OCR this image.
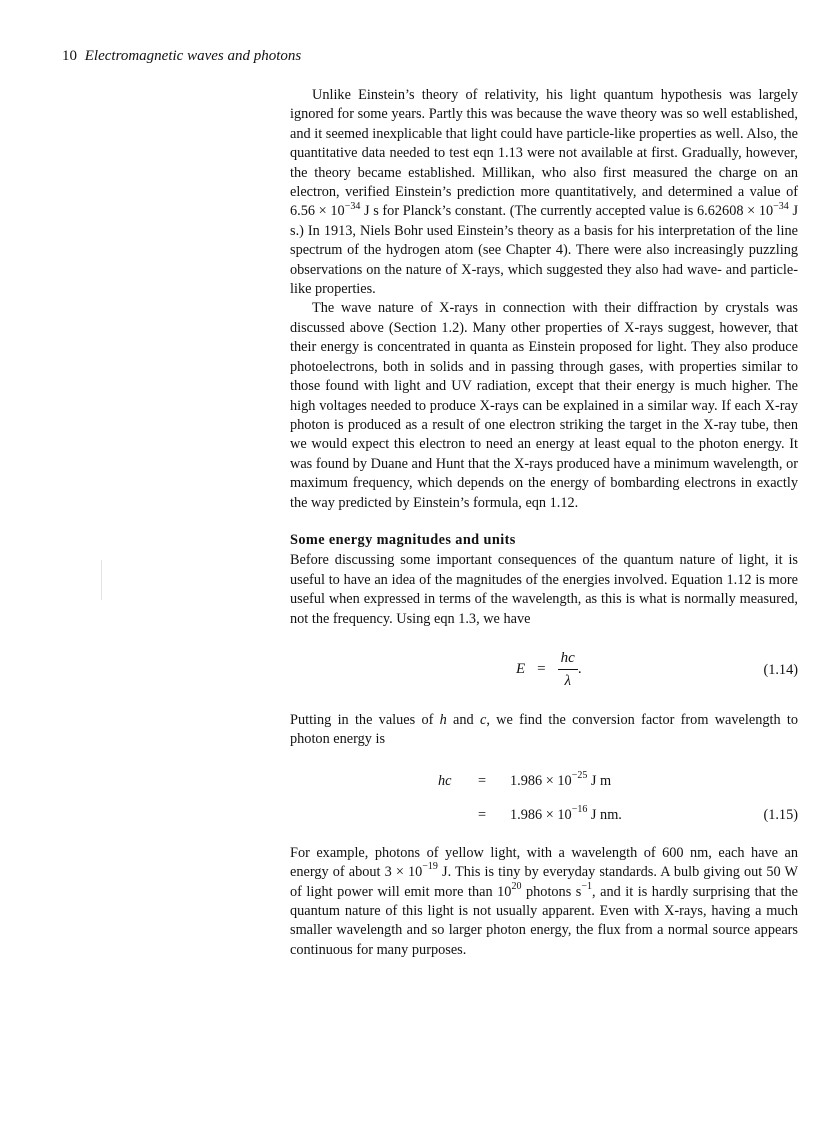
10 Electromagnetic waves and photons

Unlike Einstein’s theory of relativity, his light quantum hypothesis was largely ignored for some years. Partly this was because the wave theory was so well established, and it seemed inexplicable that light could have particle-like properties as well. Also, the quantitative data needed to test eqn 1.13 were not available at first. Gradually, however, the theory became established. Millikan, who also first measured the charge on an electron, verified Einstein’s prediction more quantitatively, and determined a value of $6.56 \times 10^{-34}$ J s for Planck’s constant. (The currently accepted value is $6.62608 \times 10^{-34}$ J s.) In 1913, Niels Bohr used Einstein’s theory as a basis for his interpretation of the line spectrum of the hydrogen atom (see Chapter 4). There were also increasingly puzzling observations on the nature of X-rays, which suggested they also had wave- and particle-like properties.

The wave nature of X-rays in connection with their diffraction by crystals was discussed above (Section 1.2). Many other properties of X-rays suggest, however, that their energy is concentrated in quanta as Einstein proposed for light. They also produce photoelectrons, both in solids and in passing through gases, with properties similar to those found with light and UV radiation, except that their energy is much higher. The high voltages needed to produce X-rays can be explained in a similar way. If each X-ray photon is produced as a result of one electron striking the target in the X-ray tube, then we would expect this electron to need an energy at least equal to the photon energy. It was found by Duane and Hunt that the X-rays produced have a minimum wavelength, or maximum frequency, which depends on the energy of bombarding electrons in exactly the way predicted by Einstein’s formula, eqn 1.12.

Some energy magnitudes and units

Before discussing some important consequences of the quantum nature of light, it is useful to have an idea of the magnitudes of the energies involved. Equation 1.12 is more useful when expressed in terms of the wavelength, as this is what is normally measured, not the frequency. Using eqn 1.3, we have

$E = \frac{hc}{\lambda}$ .	(1.14)

Putting in the values of h and c, we find the conversion factor from wavelength to photon energy is

hc = $1.986 \times 10^{-25}$ J m
= $1.986 \times 10^{-16}$ J nm.	(1.15)

For example, photons of yellow light, with a wavelength of 600 nm, each have an energy of about $3 \times 10^{-19}$ J. This is tiny by everyday standards. A bulb giving out 50 W of light power will emit more than $10^{20}$ photons $s^{-1}$, and it is hardly surprising that the quantum nature of this light is not usually apparent. Even with X-rays, having a much smaller wavelength and so larger photon energy, the flux from a normal source appears continuous for many purposes.
